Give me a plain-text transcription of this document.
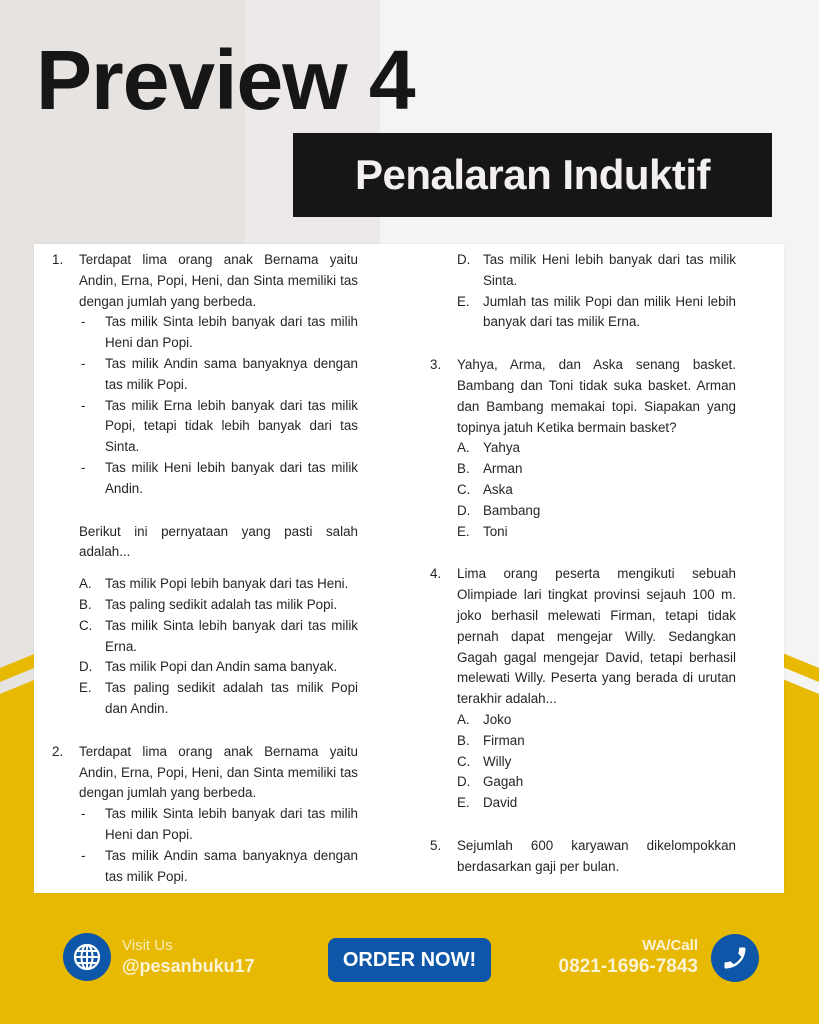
Preview 4
Penalaran Induktif
1. Terdapat lima orang anak Bernama yaitu Andin, Erna, Popi, Heni, dan Sinta memiliki tas dengan jumlah yang berbeda.
- Tas milik Sinta lebih banyak dari tas milih Heni dan Popi.
- Tas milik Andin sama banyaknya dengan tas milik Popi.
- Tas milik Erna lebih banyak dari tas milik Popi, tetapi tidak lebih banyak dari tas Sinta.
- Tas milik Heni lebih banyak dari tas milik Andin.
Berikut ini pernyataan yang pasti salah adalah...
A. Tas milik Popi lebih banyak dari tas Heni.
B. Tas paling sedikit adalah tas milik Popi.
C. Tas milik Sinta lebih banyak dari tas milik Erna.
D. Tas milik Popi dan Andin sama banyak.
E. Tas paling sedikit adalah tas milik Popi dan Andin.
2. Terdapat lima orang anak Bernama yaitu Andin, Erna, Popi, Heni, dan Sinta memiliki tas dengan jumlah yang berbeda.
- Tas milik Sinta lebih banyak dari tas milih Heni dan Popi.
- Tas milik Andin sama banyaknya dengan tas milik Popi.
D. Tas milik Heni lebih banyak dari tas milik Sinta.
E. Jumlah tas milik Popi dan milik Heni lebih banyak dari tas milik Erna.
3. Yahya, Arma, dan Aska senang basket. Bambang dan Toni tidak suka basket. Arman dan Bambang memakai topi. Siapakan yang topinya jatuh Ketika bermain basket?
A. Yahya
B. Arman
C. Aska
D. Bambang
E. Toni
4. Lima orang peserta mengikuti sebuah Olimpiade lari tingkat provinsi sejauh 100 m. joko berhasil melewati Firman, tetapi tidak pernah dapat mengejar Willy. Sedangkan Gagah gagal mengejar David, tetapi berhasil melewati Willy. Peserta yang berada di urutan terakhir adalah...
A. Joko
B. Firman
C. Willy
D. Gagah
E. David
5. Sejumlah 600 karyawan dikelompokkan berdasarkan gaji per bulan.
Visit Us
@pesanbuku17	ORDER NOW!
WA/Call
0821-1696-7843
